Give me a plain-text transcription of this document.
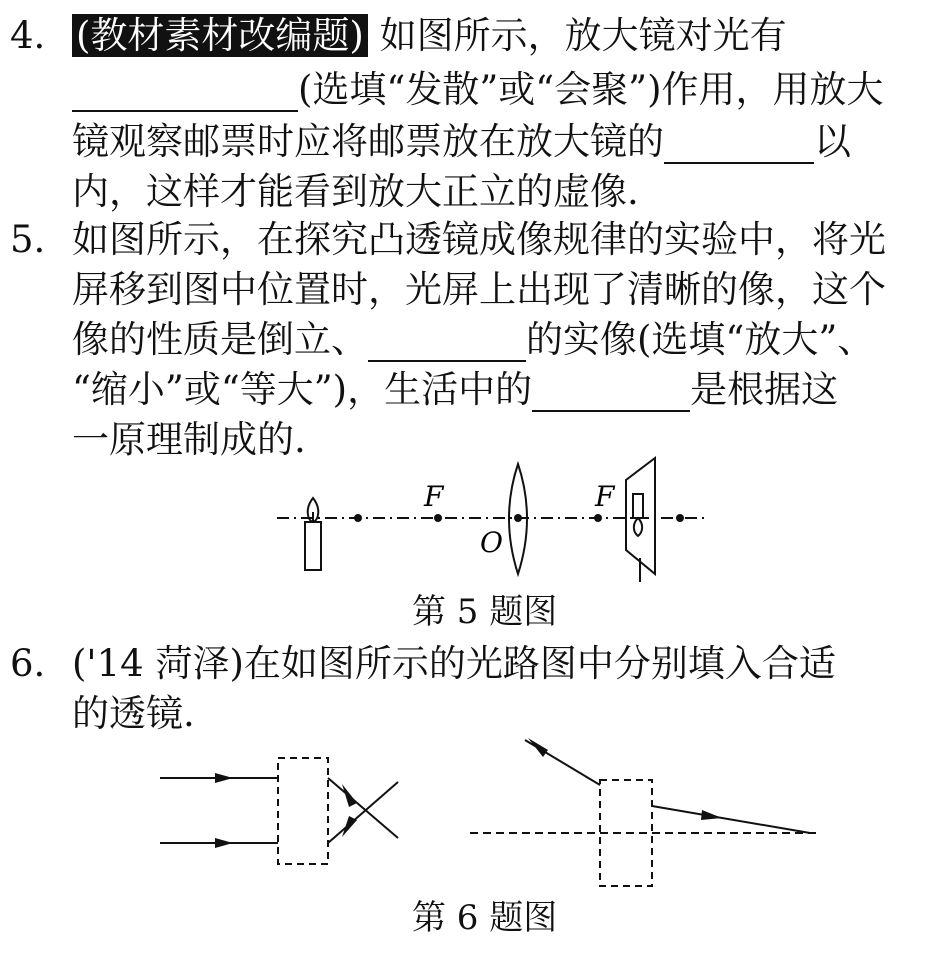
4. (教材素材改编题) 如图所示，放大镜对光有
(选填“发散”或“会聚”)作用，用放大
镜观察邮票时应将邮票放在放大镜的	以
内，这样才能看到放大正立的虚像.
5. 如图所示，在探究凸透镜成像规律的实验中，将光
屏移到图中位置时，光屏上出现了清晰的像，这个
像的性质是倒立、	的实像(选填“放大”、
“缩小”或“等大”)，生活中的	是根据这
一原理制成的.
F	F
O
第 5 题图
6. ('14 菏泽)在如图所示的光路图中分别填入合适
的透镜.
第 6 题图
